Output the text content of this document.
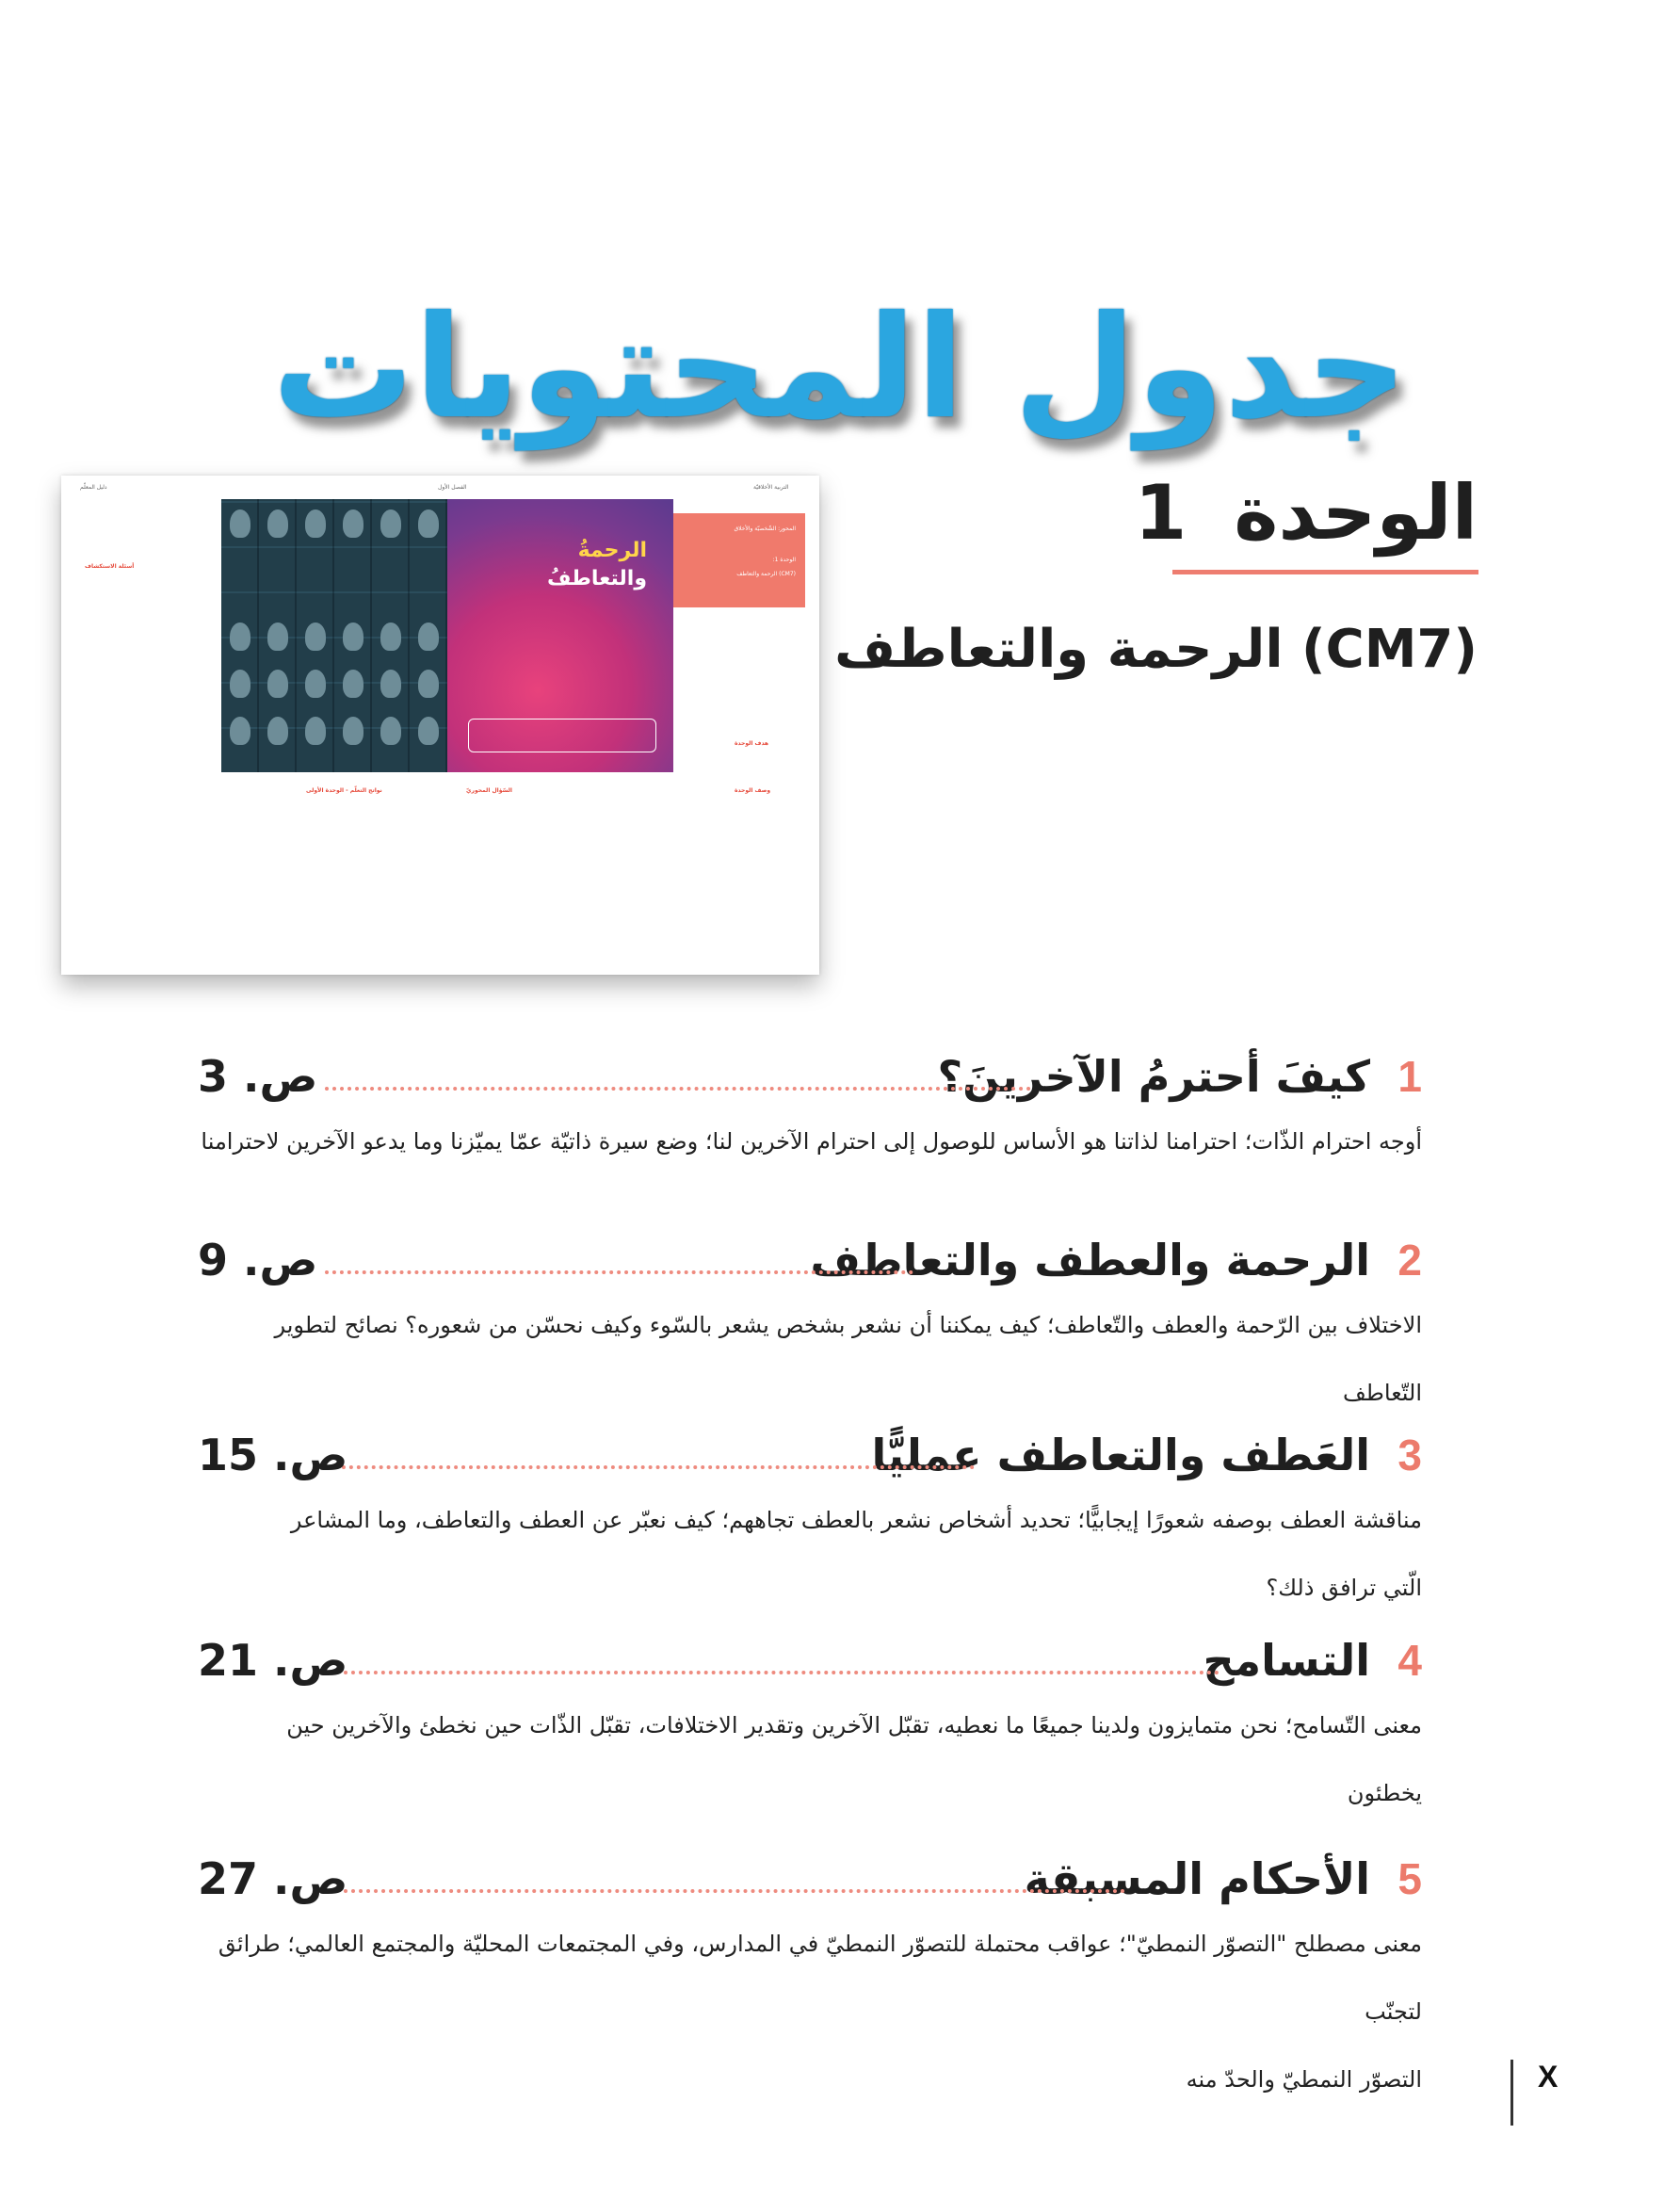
جدول المحتويات
الوحدة1
(CM7) الرحمة والتعاطف
دليل المعلّم	الفصل الأول	التربية الأخلاقيّة
الرحمةُ
والتعاطفُ
المحور: الشّخصيّة والأخلاق
الوحدة 1:
(CM7) الرحمة والتعاطف
أسئلة الاستكشاف
هدف الوحدة
وصف الوحدة
السّؤال المحوريّ
نواتج التعلّم - الوحدة الأولى
1
كيفَ أحترمُ الآخرينَ؟
ص. 3
أوجه احترام الذّات؛ احترامنا لذاتنا هو الأساس للوصول إلى احترام الآخرين لنا؛ وضع سيرة ذاتيّة عمّا يميّزنا وما يدعو الآخرين لاحترامنا
2
الرحمة والعطف والتعاطف
ص. 9
الاختلاف بين الرّحمة والعطف والتّعاطف؛ كيف يمكننا أن نشعر بشخص يشعر بالسّوء وكيف نحسّن من شعوره؟ نصائح لتطوير التّعاطف
3
العَطف والتعاطف عمليًّا
ص. 15
مناقشة العطف بوصفه شعورًا إيجابيًّا؛ تحديد أشخاص نشعر بالعطف تجاههم؛ كيف نعبّر عن العطف والتعاطف، وما المشاعر
الّتي ترافق ذلك؟
4
التسامح
ص. 21
معنى التّسامح؛ نحن متمايزون ولدينا جميعًا ما نعطيه، تقبّل الآخرين وتقدير الاختلافات، تقبّل الذّات حين نخطئ والآخرين حين
يخطئون
5
الأحكام المسبقة
ص. 27
معنى مصطلح "التصوّر النمطيّ"؛ عواقب محتملة للتصوّر النمطيّ في المدارس، وفي المجتمعات المحليّة والمجتمع العالمي؛ طرائق لتجنّب
التصوّر النمطيّ والحدّ منه	X
